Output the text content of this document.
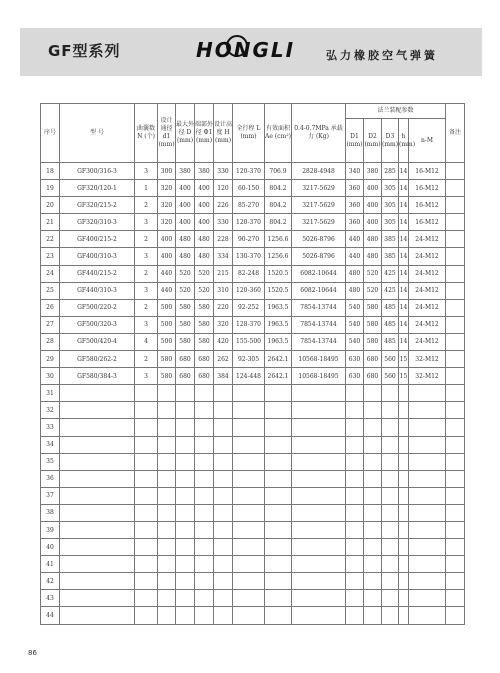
GF型系列	HONGLI	弘力橡胶空气弹簧
序号	型 号	曲囊数 N (个)	设计通径 d1 (mm)	最大外径 D (mm)	端部外径 Φ1 (mm)	设计高度 H (mm)	全行程 L (mm)	有效面积 Ae (cm²)	0.4-0.7MPa 承载力 (Kg)	法兰装配参数					备注
										D1 (mm)	D2 (mm)	D3 (mm)	h (mm)	n-M	
18	GF300/316-3	3	300	380	380	330	120-370	706.9	2828-4948	340	380	285	14	16-M12	
19	GF320/120-1	1	320	400	400	120	60-150	804.2	3217-5629	360	400	305	14	16-M12	
20	GF320/215-2	2	320	400	400	226	85-270	804.2	3217-5629	360	400	305	14	16-M12	
21	GF320/310-3	3	320	400	400	330	120-370	804.2	3217-5629	360	400	305	14	16-M12	
22	GF400/215-2	2	400	480	480	228	90-270	1256.6	5026-8796	440	480	385	14	24-M12	
23	GF400/310-3	3	400	480	480	334	130-370	1256.6	5026-8796	440	480	385	14	24-M12	
24	GF440/215-2	2	440	520	520	215	82-248	1520.5	6082-10644	480	520	425	14	24-M12	
25	GF440/310-3	3	440	520	520	310	120-360	1520.5	6082-10644	480	520	425	14	24-M12	
26	GF500/220-2	2	500	580	580	220	92-252	1963.5	7854-13744	540	580	485	14	24-M12	
27	GF500/320-3	3	500	580	580	320	128-370	1963.5	7854-13744	540	580	485	14	24-M12	
28	GF500/420-4	4	500	580	580	420	155-500	1963.5	7854-13744	540	580	485	14	24-M12	
29	GF580/262-2	2	580	680	680	262	92-305	2642.1	10568-18495	630	680	560	15	32-M12	
30	GF580/384-3	3	580	680	680	384	124-448	2642.1	10568-18495	630	680	560	15	32-M12	
31															
32															
33															
34															
35															
36															
37															
38															
39															
40															
41															
42															
43															
44															
86
